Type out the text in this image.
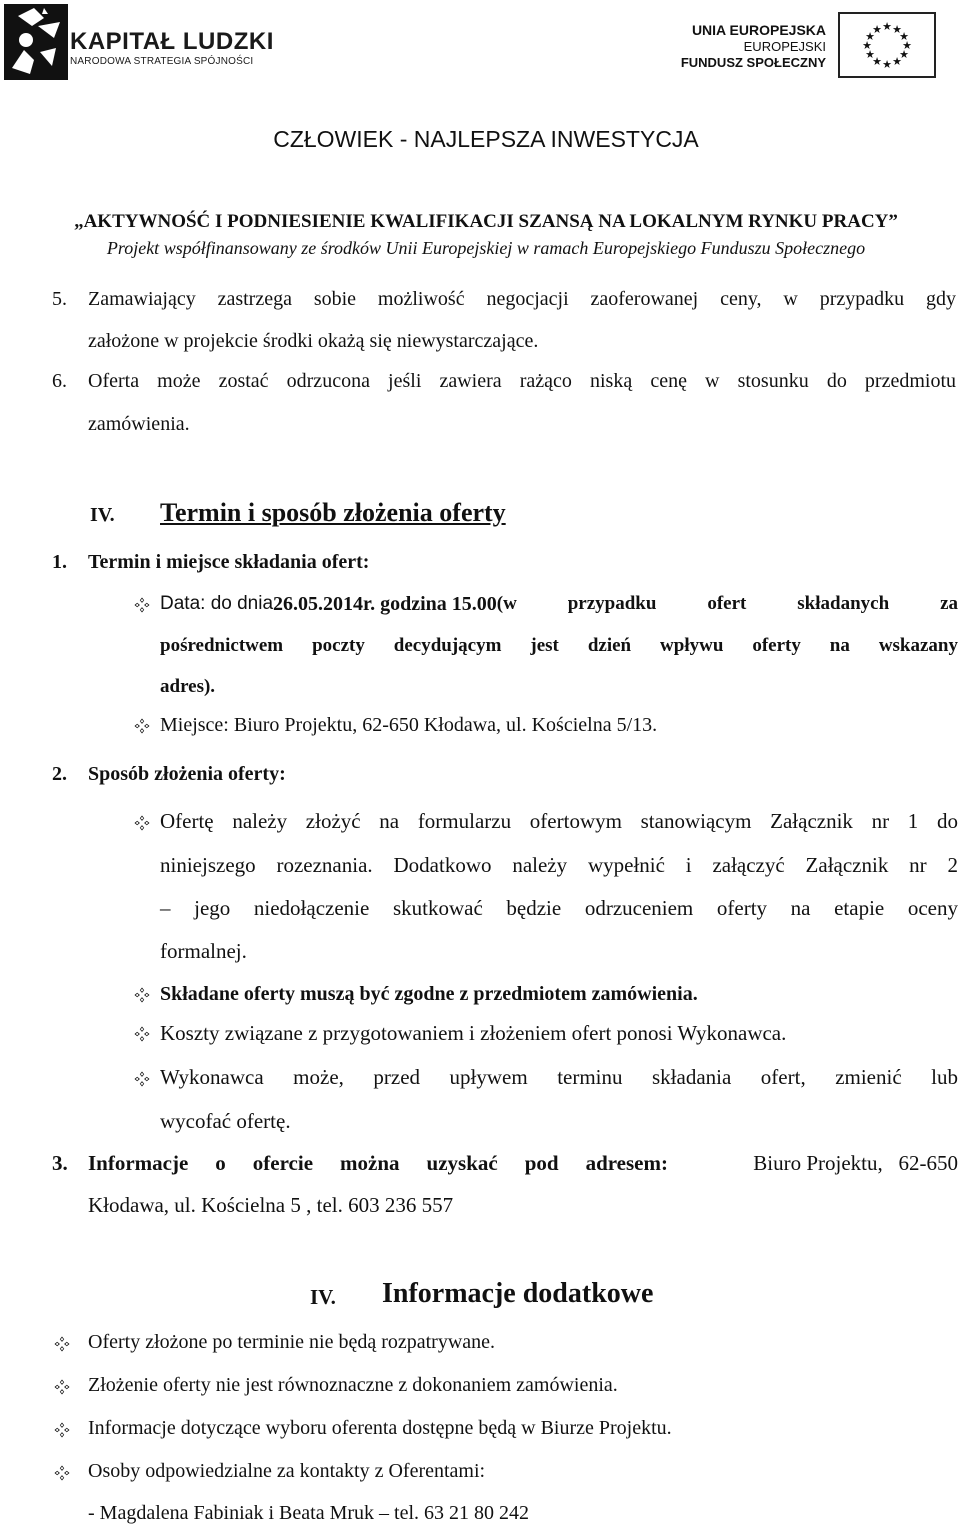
KAPITAŁ LUDZKI
NARODOWA STRATEGIA SPÓJNOŚCI
UNIA EUROPEJSKA
EUROPEJSKI
FUNDUSZ SPOŁECZNY
★ ★
★
★
★
★
★
★
★
★
★
★
CZŁOWIEK - NAJLEPSZA INWESTYCJA
„AKTYWNOŚĆ I PODNIESIENIE KWALIFIKACJI SZANSĄ NA LOKALNYM RYNKU PRACY”
Projekt współfinansowany ze środków Unii Europejskiej w ramach Europejskiego Funduszu Społecznego
5. Zamawiający zastrzega sobie możliwość negocjacji zaoferowanej ceny, w przypadku gdy
założone w projekcie środki okażą się niewystarczające.
6. Oferta może zostać odrzucona jeśli zawiera rażąco niską cenę w stosunku do przedmiotu
zamówienia.
IV. Termin i sposób złożenia oferty
1. Termin i miejsce składania ofert:
Data: do dnia 26.05.2014r. godzina 15.00 (w przypadku ofert składanych za
pośrednictwem poczty decydującym jest dzień wpływu oferty na wskazany
adres).
Miejsce: Biuro Projektu, 62-650 Kłodawa, ul. Kościelna 5/13.
2. Sposób złożenia oferty:
Ofertę należy złożyć na formularzu ofertowym stanowiącym Załącznik nr 1 do
niniejszego rozeznania. Dodatkowo należy wypełnić i załączyć Załącznik nr 2
– jego niedołączenie skutkować będzie odrzuceniem oferty na etapie oceny
formalnej.
Składane oferty muszą być zgodne z przedmiotem zamówienia.
Koszty związane z przygotowaniem i złożeniem ofert ponosi Wykonawca.
Wykonawca może, przed upływem terminu składania ofert, zmienić lub
wycofać ofertę.
3. Informacje o ofercie można uzyskać pod adresem:	Biuro Projektu,   62-650
Kłodawa, ul. Kościelna 5 , tel. 603 236 557
IV. Informacje dodatkowe
Oferty złożone po terminie nie będą rozpatrywane.
Złożenie oferty nie jest równoznaczne z dokonaniem zamówienia.
Informacje dotyczące wyboru oferenta dostępne będą w Biurze Projektu.
Osoby odpowiedzialne za kontakty z Oferentami:
- Magdalena Fabiniak i Beata Mruk – tel. 63 21 80 242
